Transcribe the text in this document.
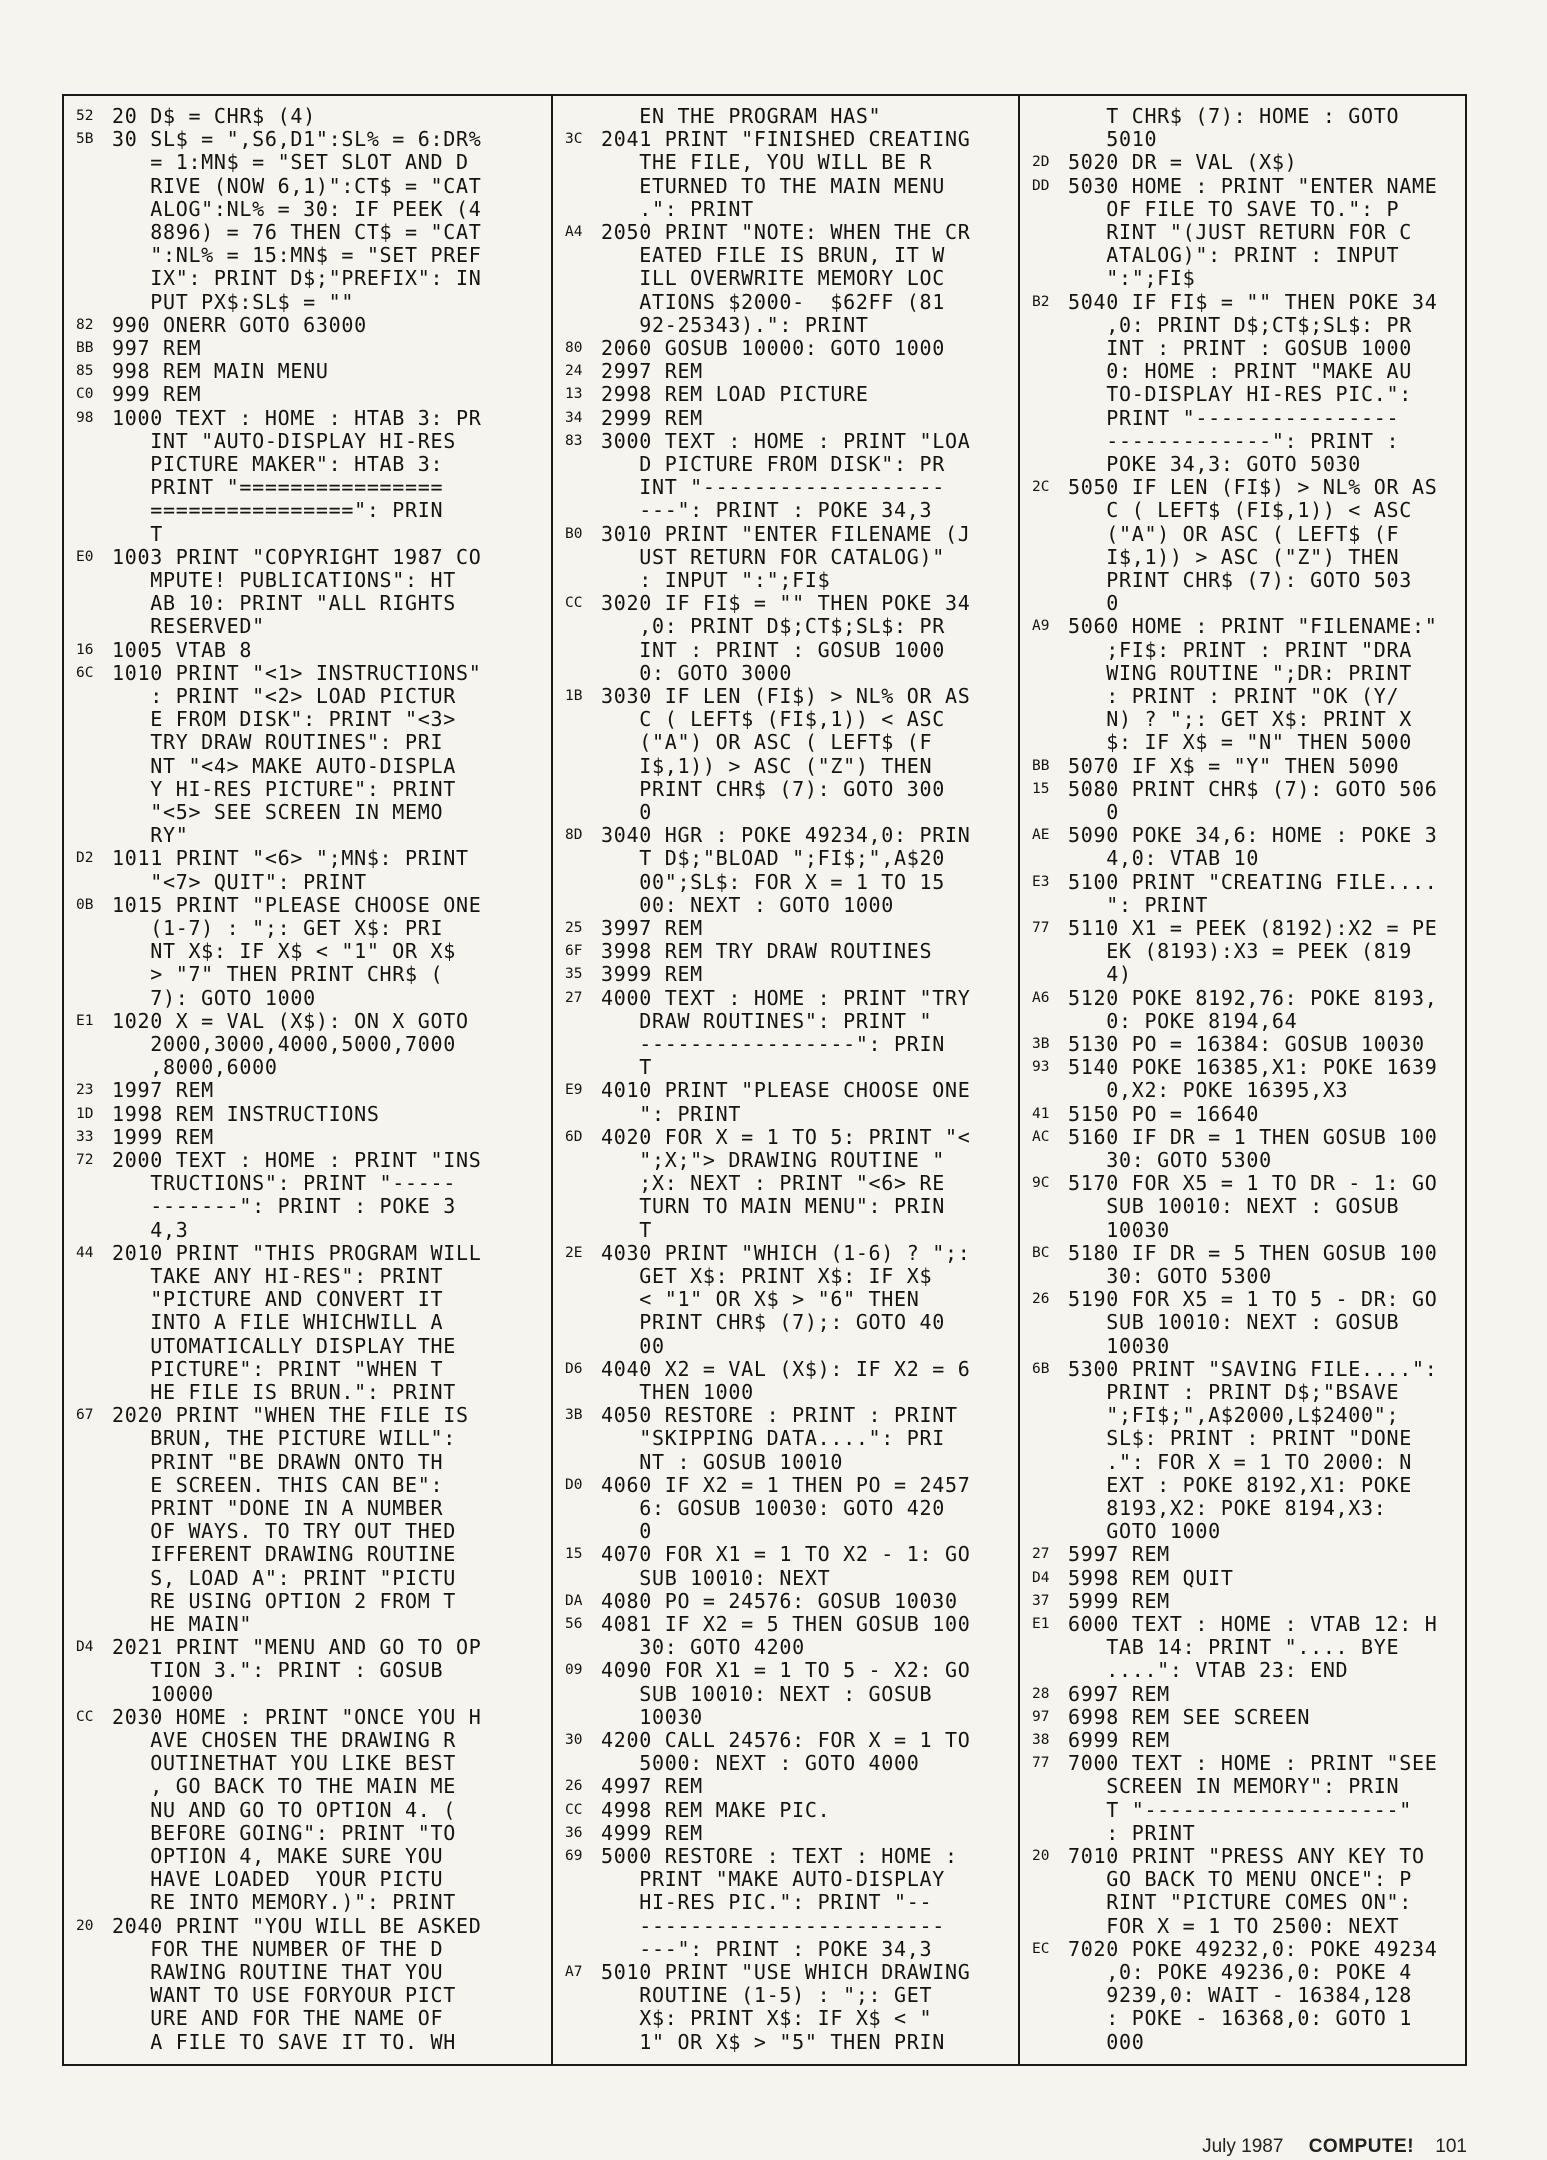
52 20 D$ = CHR$ (4)
5B 30 SL$ = ",S6,D1":SL% = 6:DR%
= 1:MN$ = "SET SLOT AND D
RIVE (NOW 6,1)":CT$ = "CAT
ALOG":NL% = 30: IF PEEK (4
8896) = 76 THEN CT$ = "CAT
":NL% = 15:MN$ = "SET PREF
IX": PRINT D$;"PREFIX": IN
PUT PX$:SL$ = ""
82 990 ONERR GOTO 63000
BB 997 REM
85 998 REM MAIN MENU
C0 999 REM
98 1000 TEXT : HOME : HTAB 3: PR
INT "AUTO-DISPLAY HI-RES
PICTURE MAKER": HTAB 3:
PRINT "================
================": PRIN
T
E0 1003 PRINT "COPYRIGHT 1987 CO
MPUTE! PUBLICATIONS": HT
AB 10: PRINT "ALL RIGHTS
RESERVED"
16 1005 VTAB 8
6C 1010 PRINT "<1> INSTRUCTIONS"
: PRINT "<2> LOAD PICTUR
E FROM DISK": PRINT "<3>
TRY DRAW ROUTINES": PRI
NT "<4> MAKE AUTO-DISPLA
Y HI-RES PICTURE": PRINT
"<5> SEE SCREEN IN MEMO
RY"
D2 1011 PRINT "<6> ";MN$: PRINT
"<7> QUIT": PRINT
0B 1015 PRINT "PLEASE CHOOSE ONE
(1-7) : ";: GET X$: PRI
NT X$: IF X$ < "1" OR X$
> "7" THEN PRINT CHR$ (
7): GOTO 1000
E1 1020 X = VAL (X$): ON X GOTO
2000,3000,4000,5000,7000
,8000,6000
23 1997 REM
1D 1998 REM INSTRUCTIONS
33 1999 REM
72 2000 TEXT : HOME : PRINT "INS
TRUCTIONS": PRINT "-----
-------": PRINT : POKE 3
4,3
44 2010 PRINT "THIS PROGRAM WILL
TAKE ANY HI-RES": PRINT
"PICTURE AND CONVERT IT
INTO A FILE WHICHWILL A
UTOMATICALLY DISPLAY THE
PICTURE": PRINT "WHEN T
HE FILE IS BRUN.": PRINT
67 2020 PRINT "WHEN THE FILE IS
BRUN, THE PICTURE WILL":
PRINT "BE DRAWN ONTO TH
E SCREEN. THIS CAN BE":
PRINT "DONE IN A NUMBER
OF WAYS. TO TRY OUT THED
IFFERENT DRAWING ROUTINE
S, LOAD A": PRINT "PICTU
RE USING OPTION 2 FROM T
HE MAIN"
D4 2021 PRINT "MENU AND GO TO OP
TION 3.": PRINT : GOSUB
10000
CC 2030 HOME : PRINT "ONCE YOU H
AVE CHOSEN THE DRAWING R
OUTINETHAT YOU LIKE BEST
, GO BACK TO THE MAIN ME
NU AND GO TO OPTION 4. (
BEFORE GOING": PRINT "TO
OPTION 4, MAKE SURE YOU
HAVE LOADED  YOUR PICTU
RE INTO MEMORY.)": PRINT
20 2040 PRINT "YOU WILL BE ASKED
FOR THE NUMBER OF THE D
RAWING ROUTINE THAT YOU
WANT TO USE FORYOUR PICT
URE AND FOR THE NAME OF
A FILE TO SAVE IT TO. WH
EN THE PROGRAM HAS"
3C 2041 PRINT "FINISHED CREATING
THE FILE, YOU WILL BE R
ETURNED TO THE MAIN MENU
.": PRINT
A4 2050 PRINT "NOTE: WHEN THE CR
EATED FILE IS BRUN, IT W
ILL OVERWRITE MEMORY LOC
ATIONS $2000-  $62FF (81
92-25343).": PRINT
80 2060 GOSUB 10000: GOTO 1000
24 2997 REM
13 2998 REM LOAD PICTURE
34 2999 REM
83 3000 TEXT : HOME : PRINT "LOA
D PICTURE FROM DISK": PR
INT "-------------------
---": PRINT : POKE 34,3
B0 3010 PRINT "ENTER FILENAME (J
UST RETURN FOR CATALOG)"
: INPUT ":";FI$
CC 3020 IF FI$ = "" THEN POKE 34
,0: PRINT D$;CT$;SL$: PR
INT : PRINT : GOSUB 1000
0: GOTO 3000
1B 3030 IF LEN (FI$) > NL% OR AS
C ( LEFT$ (FI$,1)) < ASC
("A") OR ASC ( LEFT$ (F
I$,1)) > ASC ("Z") THEN
PRINT CHR$ (7): GOTO 300
0
8D 3040 HGR : POKE 49234,0: PRIN
T D$;"BLOAD ";FI$;",A$20
00";SL$: FOR X = 1 TO 15
00: NEXT : GOTO 1000
25 3997 REM
6F 3998 REM TRY DRAW ROUTINES
35 3999 REM
27 4000 TEXT : HOME : PRINT "TRY
DRAW ROUTINES": PRINT "
-----------------": PRIN
T
E9 4010 PRINT "PLEASE CHOOSE ONE
": PRINT
6D 4020 FOR X = 1 TO 5: PRINT "<
";X;"> DRAWING ROUTINE "
;X: NEXT : PRINT "<6> RE
TURN TO MAIN MENU": PRIN
T
2E 4030 PRINT "WHICH (1-6) ? ";:
GET X$: PRINT X$: IF X$
< "1" OR X$ > "6" THEN
PRINT CHR$ (7);: GOTO 40
00
D6 4040 X2 = VAL (X$): IF X2 = 6
THEN 1000
3B 4050 RESTORE : PRINT : PRINT
"SKIPPING DATA....": PRI
NT : GOSUB 10010
D0 4060 IF X2 = 1 THEN PO = 2457
6: GOSUB 10030: GOTO 420
0
15 4070 FOR X1 = 1 TO X2 - 1: GO
SUB 10010: NEXT
DA 4080 PO = 24576: GOSUB 10030
56 4081 IF X2 = 5 THEN GOSUB 100
30: GOTO 4200
09 4090 FOR X1 = 1 TO 5 - X2: GO
SUB 10010: NEXT : GOSUB
10030
30 4200 CALL 24576: FOR X = 1 TO
5000: NEXT : GOTO 4000
26 4997 REM
CC 4998 REM MAKE PIC.
36 4999 REM
69 5000 RESTORE : TEXT : HOME :
PRINT "MAKE AUTO-DISPLAY
HI-RES PIC.": PRINT "--
------------------------
---": PRINT : POKE 34,3
A7 5010 PRINT "USE WHICH DRAWING
ROUTINE (1-5) : ";: GET
X$: PRINT X$: IF X$ < "
1" OR X$ > "5" THEN PRIN
T CHR$ (7): HOME : GOTO
5010
2D 5020 DR = VAL (X$)
DD 5030 HOME : PRINT "ENTER NAME
OF FILE TO SAVE TO.": P
RINT "(JUST RETURN FOR C
ATALOG)": PRINT : INPUT
":";FI$
B2 5040 IF FI$ = "" THEN POKE 34
,0: PRINT D$;CT$;SL$: PR
INT : PRINT : GOSUB 1000
0: HOME : PRINT "MAKE AU
TO-DISPLAY HI-RES PIC.":
PRINT "----------------
-------------": PRINT :
POKE 34,3: GOTO 5030
2C 5050 IF LEN (FI$) > NL% OR AS
C ( LEFT$ (FI$,1)) < ASC
("A") OR ASC ( LEFT$ (F
I$,1)) > ASC ("Z") THEN
PRINT CHR$ (7): GOTO 503
0
A9 5060 HOME : PRINT "FILENAME:"
;FI$: PRINT : PRINT "DRA
WING ROUTINE ";DR: PRINT
: PRINT : PRINT "OK (Y/
N) ? ";: GET X$: PRINT X
$: IF X$ = "N" THEN 5000
BB 5070 IF X$ = "Y" THEN 5090
15 5080 PRINT CHR$ (7): GOTO 506
0
AE 5090 POKE 34,6: HOME : POKE 3
4,0: VTAB 10
E3 5100 PRINT "CREATING FILE....
": PRINT
77 5110 X1 = PEEK (8192):X2 = PE
EK (8193):X3 = PEEK (819
4)
A6 5120 POKE 8192,76: POKE 8193,
0: POKE 8194,64
3B 5130 PO = 16384: GOSUB 10030
93 5140 POKE 16385,X1: POKE 1639
0,X2: POKE 16395,X3
41 5150 PO = 16640
AC 5160 IF DR = 1 THEN GOSUB 100
30: GOTO 5300
9C 5170 FOR X5 = 1 TO DR - 1: GO
SUB 10010: NEXT : GOSUB
10030
BC 5180 IF DR = 5 THEN GOSUB 100
30: GOTO 5300
26 5190 FOR X5 = 1 TO 5 - DR: GO
SUB 10010: NEXT : GOSUB
10030
6B 5300 PRINT "SAVING FILE....":
PRINT : PRINT D$;"BSAVE
";FI$;",A$2000,L$2400";
SL$: PRINT : PRINT "DONE
.": FOR X = 1 TO 2000: N
EXT : POKE 8192,X1: POKE
8193,X2: POKE 8194,X3:
GOTO 1000
27 5997 REM
D4 5998 REM QUIT
37 5999 REM
E1 6000 TEXT : HOME : VTAB 12: H
TAB 14: PRINT ".... BYE
....": VTAB 23: END
28 6997 REM
97 6998 REM SEE SCREEN
38 6999 REM
77 7000 TEXT : HOME : PRINT "SEE
SCREEN IN MEMORY": PRIN
T "--------------------"
: PRINT
20 7010 PRINT "PRESS ANY KEY TO
GO BACK TO MENU ONCE": P
RINT "PICTURE COMES ON":
FOR X = 1 TO 2500: NEXT
EC 7020 POKE 49232,0: POKE 49234
,0: POKE 49236,0: POKE 4
9239,0: WAIT - 16384,128
: POKE - 16368,0: GOTO 1
000
July 1987 COMPUTE! 101
